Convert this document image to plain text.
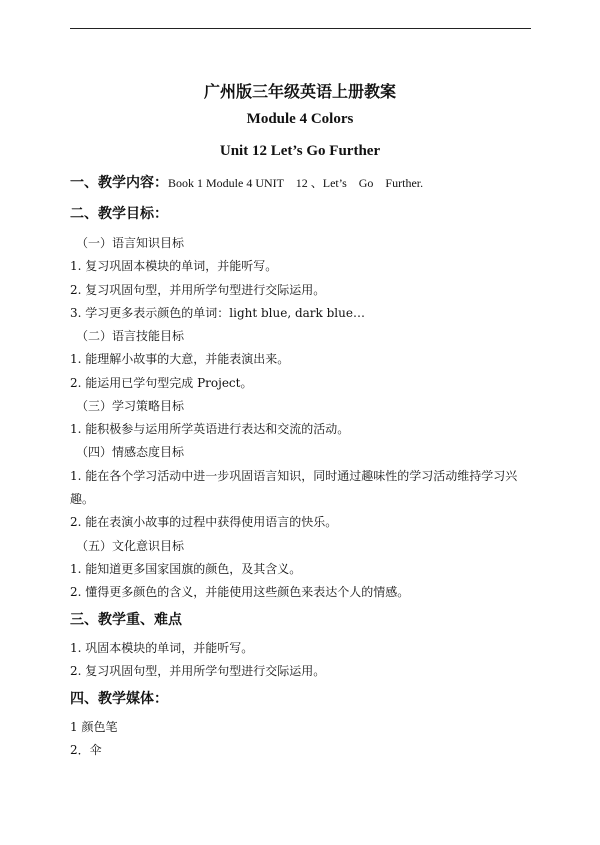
广州版三年级英语上册教案
Module 4 Colors
Unit 12 Let’s Go Further
一、教学内容：Book 1 Module 4 UNIT　12 、Let’s　Go　Further.
二、教学目标：
（一）语言知识目标
1. 复习巩固本模块的单词，并能听写。
2. 复习巩固句型，并用所学句型进行交际运用。
3. 学习更多表示颜色的单词：light blue, dark blue…
（二）语言技能目标
1. 能理解小故事的大意，并能表演出来。
2. 能运用已学句型完成 Project。
（三）学习策略目标
1. 能积极参与运用所学英语进行表达和交流的活动。
（四）情感态度目标
1. 能在各个学习活动中进一步巩固语言知识，同时通过趣味性的学习活动维持学习兴
趣。
2. 能在表演小故事的过程中获得使用语言的快乐。
（五）文化意识目标
1. 能知道更多国家国旗的颜色，及其含义。
2. 懂得更多颜色的含义，并能使用这些颜色来表达个人的情感。
三、教学重、难点
1. 巩固本模块的单词，并能听写。
2. 复习巩固句型，并用所学句型进行交际运用。
四、教学媒体：
1 颜色笔
2．伞
